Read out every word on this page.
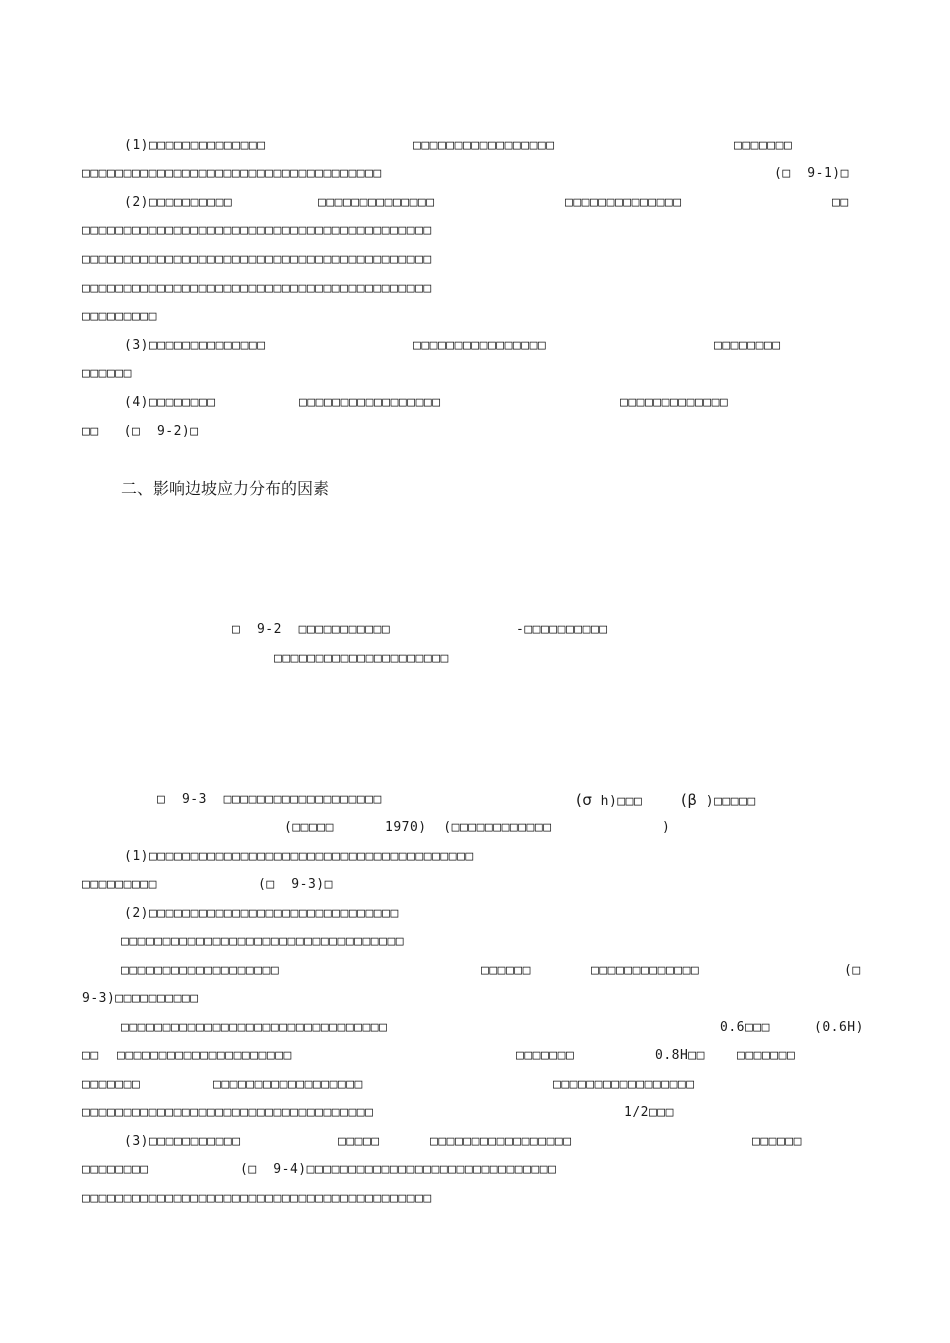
(1)□□□□□□□□□□□□□□	□□□□□□□□□□□□□□□□□	□□□□□□□
□□□□□□□□□□□□□□□□□□□□□□□□□□□□□□□□□□□□	(□  9-1)□
(2)□□□□□□□□□□	□□□□□□□□□□□□□□	□□□□□□□□□□□□□□	□□
□□□□□□□□□□□□□□□□□□□□□□□□□□□□□□□□□□□□□□□□□□
□□□□□□□□□□□□□□□□□□□□□□□□□□□□□□□□□□□□□□□□□□
□□□□□□□□□□□□□□□□□□□□□□□□□□□□□□□□□□□□□□□□□□
□□□□□□□□□
(3)□□□□□□□□□□□□□□	□□□□□□□□□□□□□□□□	□□□□□□□□
□□□□□□
(4)□□□□□□□□	□□□□□□□□□□□□□□□□□	□□□□□□□□□□□□□
□□   (□  9-2)□
二、影响边坡应力分布的因素
□  9-2  □□□□□□□□□□□	-□□□□□□□□□□
□□□□□□□□□□□□□□□□□□□□□
□  9-3  □□□□□□□□□□□□□□□□□□□	(σ h)□□□	(β )□□□□□
(□□□□□	1970)  (□□□□□□□□□□□□	)
(1)□□□□□□□□□□□□□□□□□□□□□□□□□□□□□□□□□□□□□□□
□□□□□□□□□	(□  9-3)□
(2)□□□□□□□□□□□□□□□□□□□□□□□□□□□□□□
□□□□□□□□□□□□□□□□□□□□□□□□□□□□□□□□□□
□□□□□□□□□□□□□□□□□□□	□□□□□□	□□□□□□□□□□□□□	(□
9-3)□□□□□□□□□□
□□□□□□□□□□□□□□□□□□□□□□□□□□□□□□□□	0.6□□□	(0.6H)
□□ □□□□□□□□□□□□□□□□□□□□□	□□□□□□□	0.8H□□ □□□□□□□
□□□□□□□	□□□□□□□□□□□□□□□□□□	□□□□□□□□□□□□□□□□□
□□□□□□□□□□□□□□□□□□□□□□□□□□□□□□□□□□□	1/2□□□
(3)□□□□□□□□□□□	□□□□□	□□□□□□□□□□□□□□□□□	□□□□□□
□□□□□□□□	(□  9-4)□□□□□□□□□□□□□□□□□□□□□□□□□□□□□□
□□□□□□□□□□□□□□□□□□□□□□□□□□□□□□□□□□□□□□□□□□
